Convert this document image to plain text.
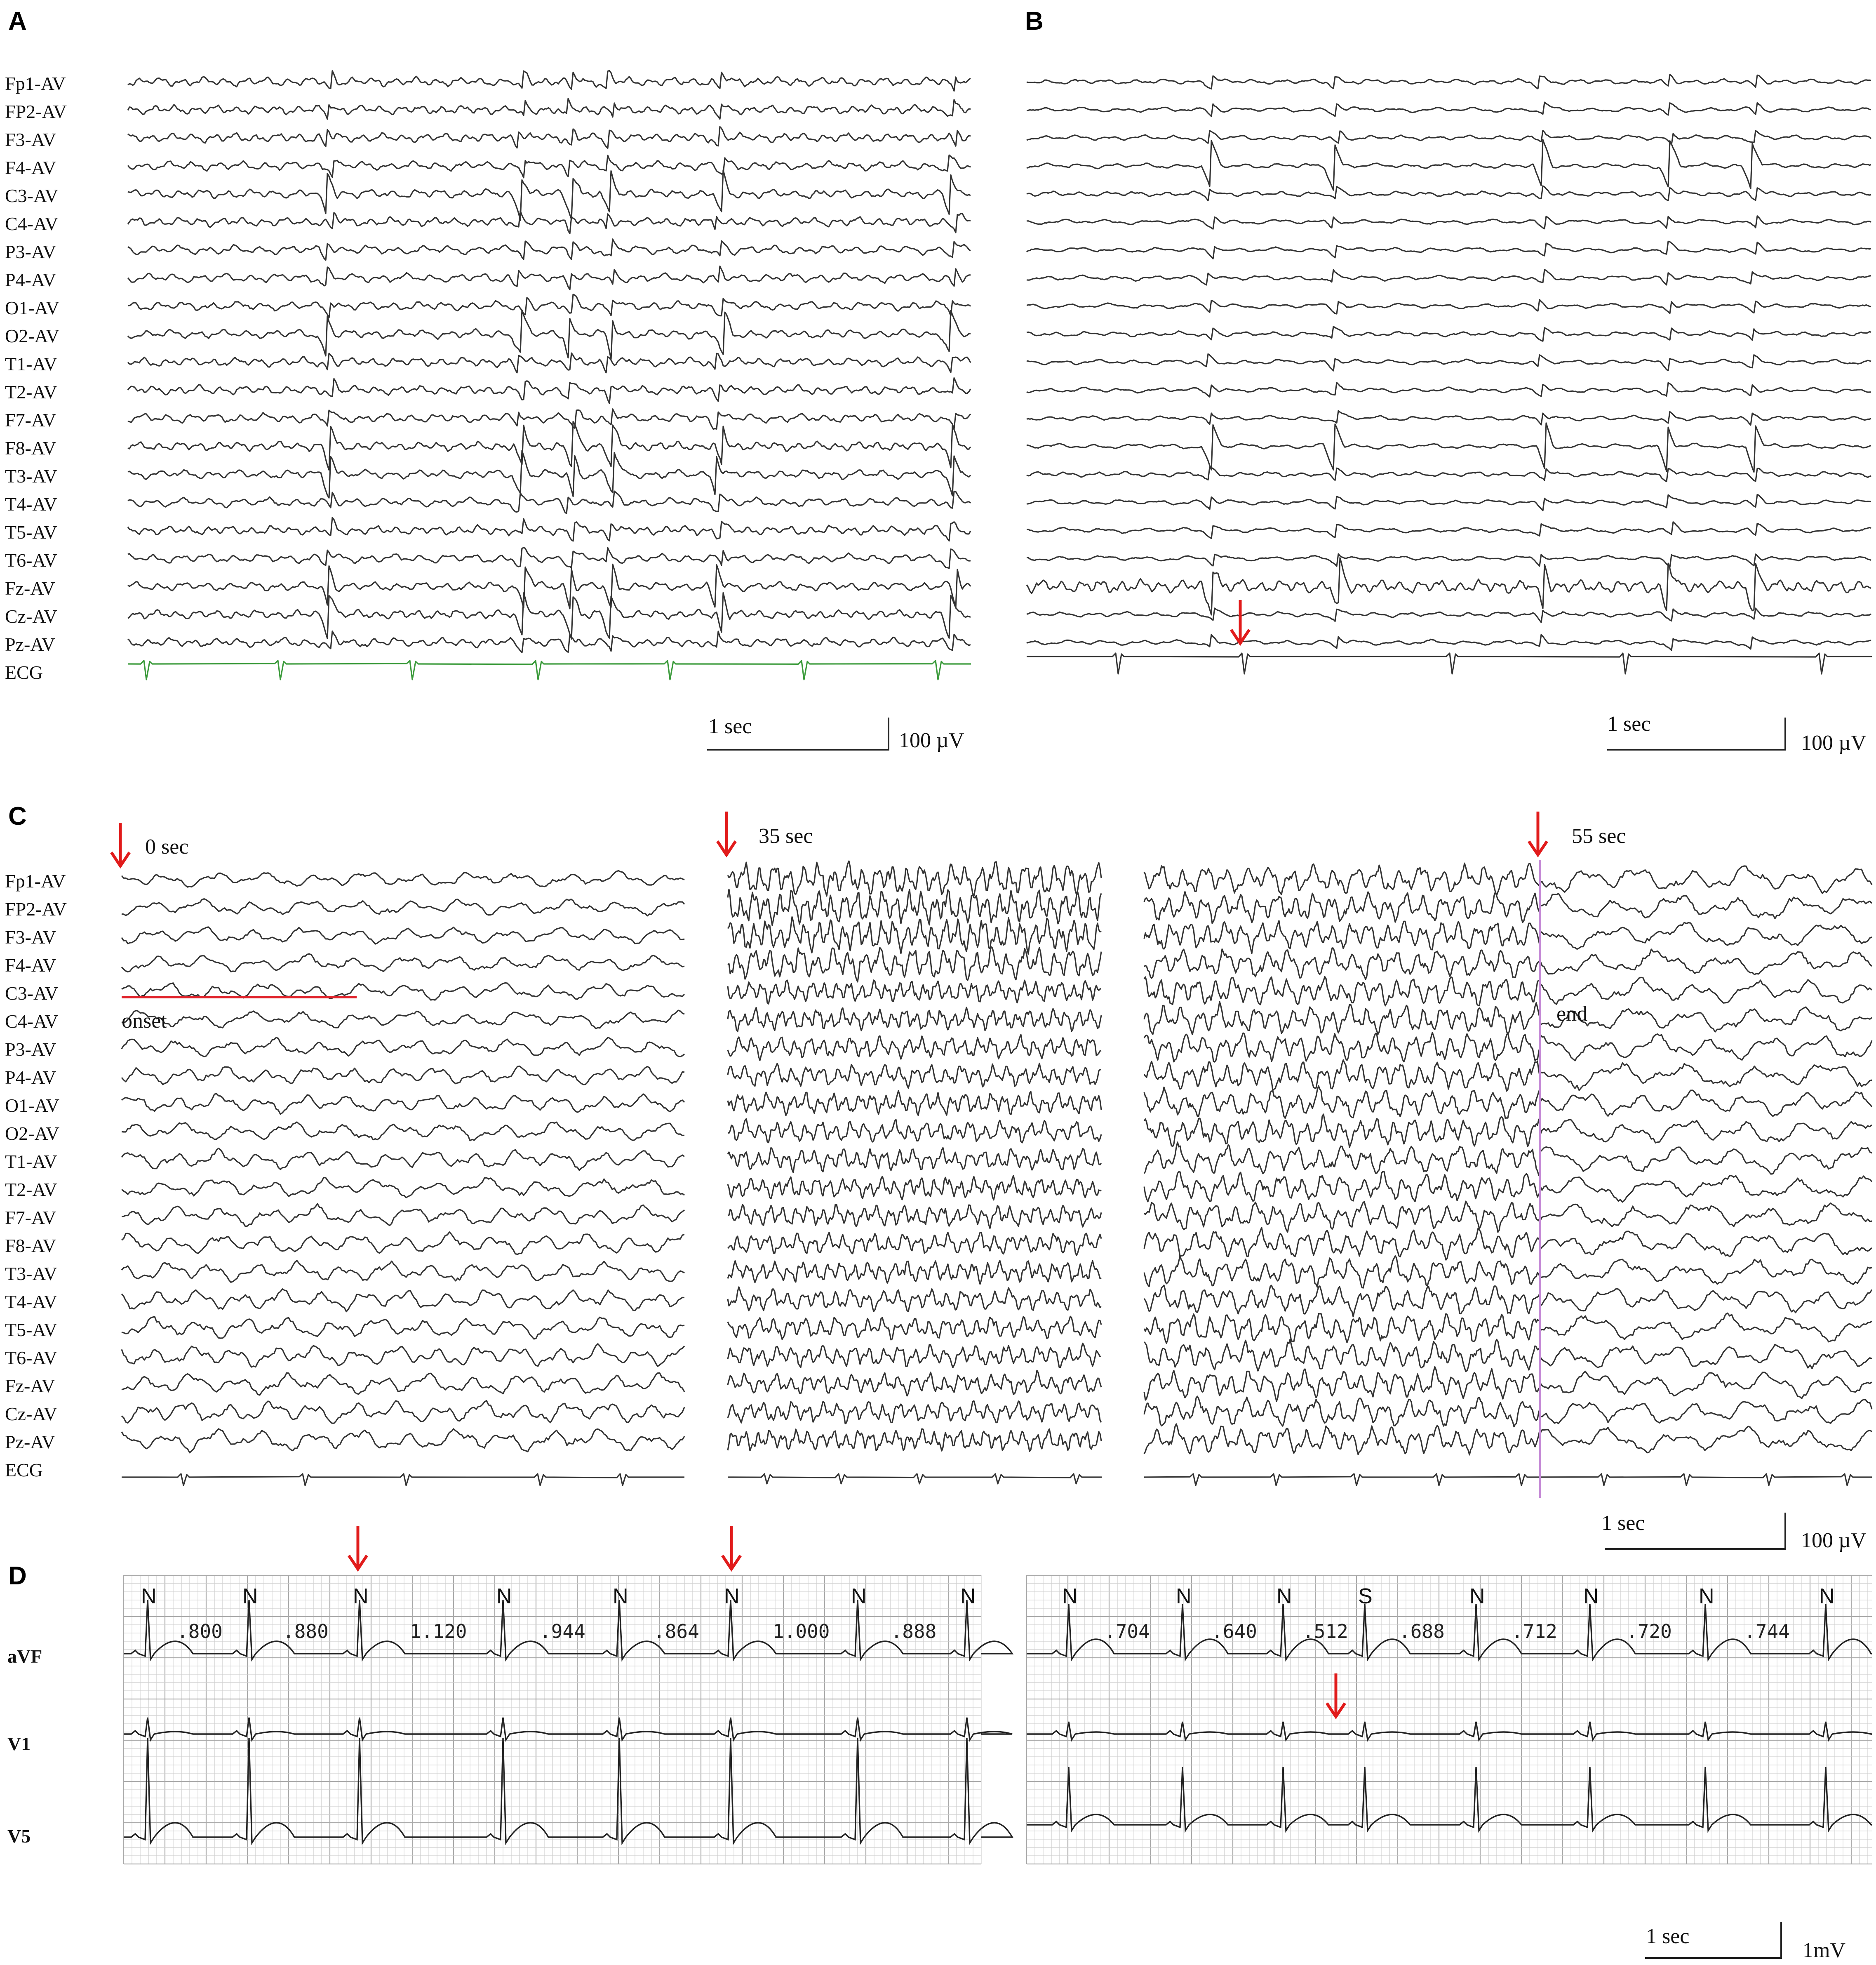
A
Fp1-AV
FP2-AV
F3-AV
F4-AV
C3-AV
C4-AV
P3-AV
P4-AV
O1-AV
O2-AV
T1-AV
T2-AV
F7-AV
F8-AV
T3-AV
T4-AV
T5-AV
T6-AV
Fz-AV
Cz-AV
Pz-AV
ECG
1 sec
100 µV
B
1 sec
100 µV
C
Fp1-AV
FP2-AV
F3-AV
F4-AV
C3-AV
C4-AV
P3-AV
P4-AV
O1-AV
O2-AV
T1-AV
T2-AV
F7-AV
F8-AV
T3-AV
T4-AV
T5-AV
T6-AV
Fz-AV
Cz-AV
Pz-AV
ECG
0 sec	35 sec	55 sec
onset	end
1 sec
100 µV
D
aVF
V1
V5
N
.800
N
.880
N
1.120
N
.944
N
.864
N
1.000
N
.888
N	N
.704
N
.640
N
.512
S
.688
N
.712
N
.720
N
.744
N
1 sec
1mV
